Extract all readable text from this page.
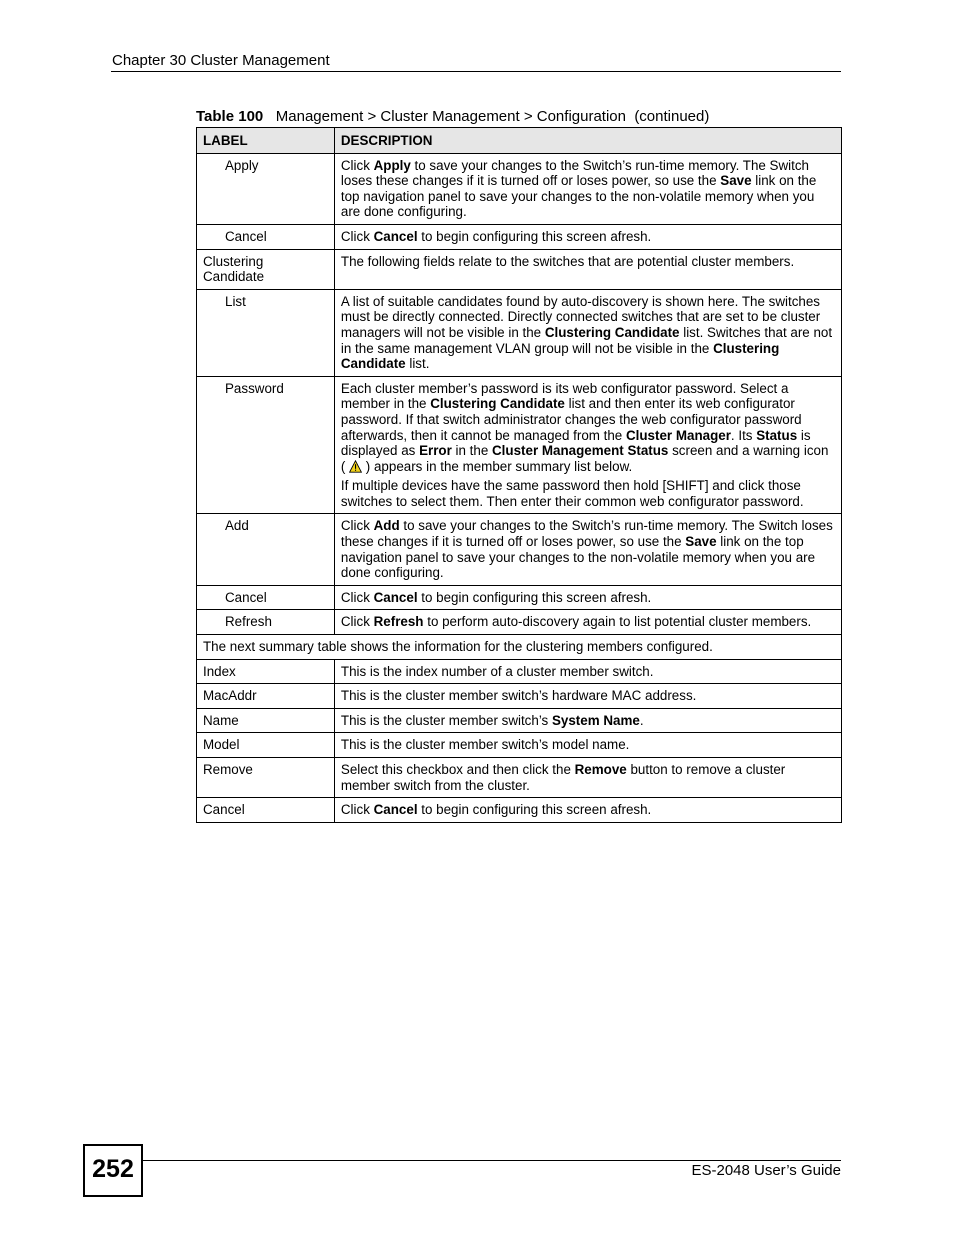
Chapter 30 Cluster Management
Table 100 Management > Cluster Management > Configuration  (continued)
LABEL	DESCRIPTION
Apply	Click Apply to save your changes to the Switch’s run-time memory. The Switch loses these changes if it is turned off or loses power, so use the Save link on the top navigation panel to save your changes to the non-volatile memory when you are done configuring.

Cancel	Click Cancel to begin configuring this screen afresh.

Clustering Candidate	The following fields relate to the switches that are potential cluster members.

List	A list of suitable candidates found by auto-discovery is shown here. The switches must be directly connected. Directly connected switches that are set to be cluster managers will not be visible in the Clustering Candidate list. Switches that are not in the same management VLAN group will not be visible in the Clustering Candidate list.

Password	Each cluster member’s password is its web configurator password. Select a member in the Clustering Candidate list and then enter its web configurator password. If that switch administrator changes the web configurator password afterwards, then it cannot be managed from the Cluster Manager. Its Status is displayed as Error in the Cluster Management Status screen and a warning icon (  ) appears in the member summary list below.
If multiple devices have the same password then hold [SHIFT] and click those switches to select them. Then enter their common web configurator password.

Add	Click Add to save your changes to the Switch’s run-time memory. The Switch loses these changes if it is turned off or loses power, so use the Save link on the top navigation panel to save your changes to the non-volatile memory when you are done configuring.

Cancel	Click Cancel to begin configuring this screen afresh.

Refresh	Click Refresh to perform auto-discovery again to list potential cluster members.

The next summary table shows the information for the clustering members configured.	
Index	This is the index number of a cluster member switch.

MacAddr	This is the cluster member switch’s hardware MAC address.

Name	This is the cluster member switch’s System Name.

Model	This is the cluster member switch’s model name.

Remove	Select this checkbox and then click the Remove button to remove a cluster member switch from the cluster.

Cancel	Click Cancel to begin configuring this screen afresh.
252	ES-2048 User’s Guide
